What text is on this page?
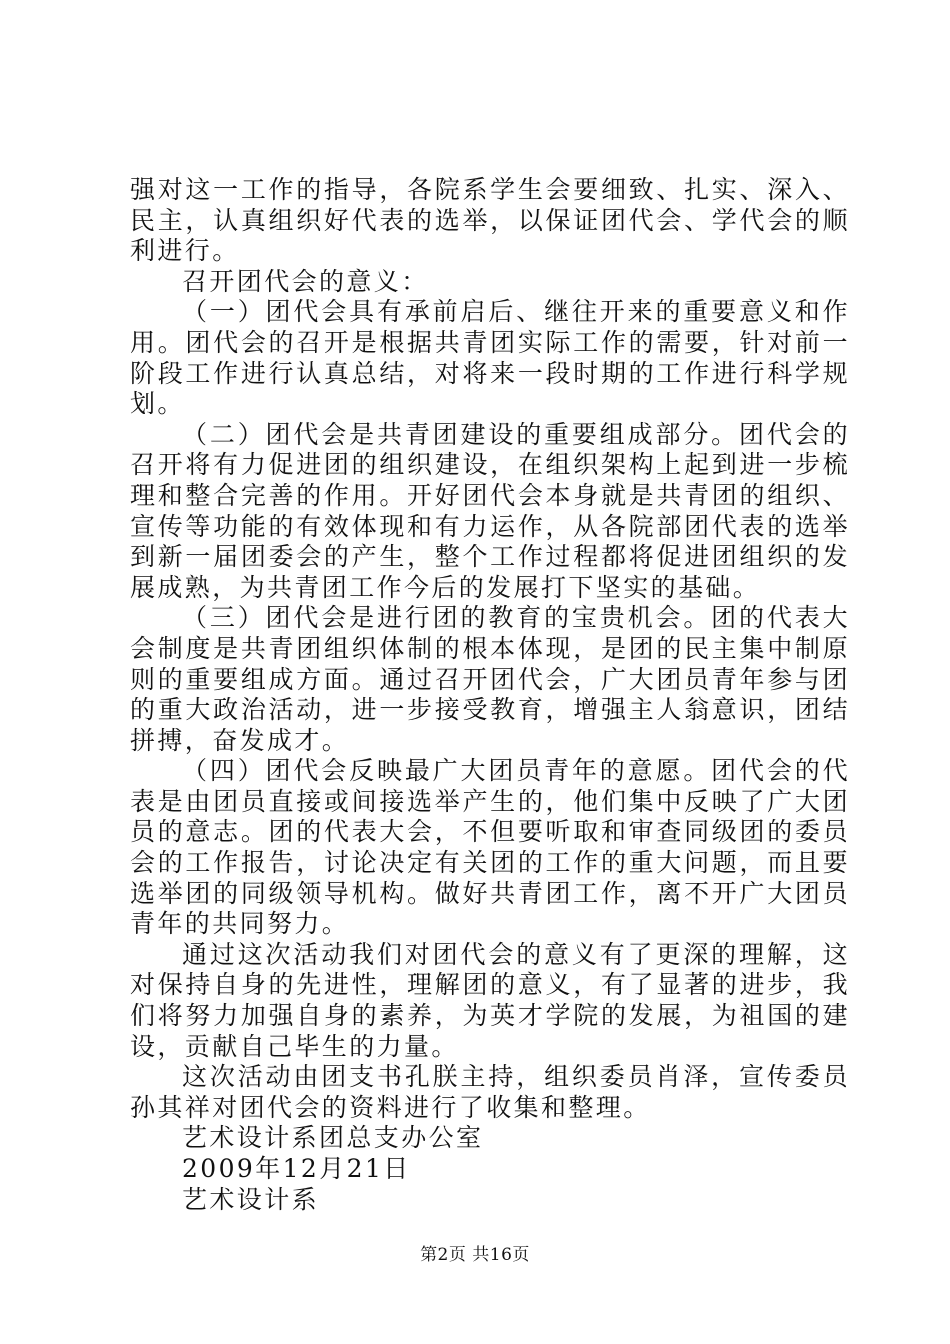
强对这一工作的指导，各院系学生会要细致、扎实、深入、民主，认真组织好代表的选举，以保证团代会、学代会的顺利进行。

召开团代会的意义：

（一）团代会具有承前启后、继往开来的重要意义和作用。团代会的召开是根据共青团实际工作的需要，针对前一阶段工作进行认真总结，对将来一段时期的工作进行科学规划。

（二）团代会是共青团建设的重要组成部分。团代会的召开将有力促进团的组织建设，在组织架构上起到进一步梳理和整合完善的作用。开好团代会本身就是共青团的组织、宣传等功能的有效体现和有力运作，从各院部团代表的选举到新一届团委会的产生，整个工作过程都将促进团组织的发展成熟，为共青团工作今后的发展打下坚实的基础。

（三）团代会是进行团的教育的宝贵机会。团的代表大会制度是共青团组织体制的根本体现，是团的民主集中制原则的重要组成方面。通过召开团代会，广大团员青年参与团的重大政治活动，进一步接受教育，增强主人翁意识，团结拼搏，奋发成才。

（四）团代会反映最广大团员青年的意愿。团代会的代表是由团员直接或间接选举产生的，他们集中反映了广大团员的意志。团的代表大会，不但要听取和审查同级团的委员会的工作报告，讨论决定有关团的工作的重大问题，而且要选举团的同级领导机构。做好共青团工作，离不开广大团员青年的共同努力。

通过这次活动我们对团代会的意义有了更深的理解，这对保持自身的先进性，理解团的意义，有了显著的进步，我们将努力加强自身的素养，为英才学院的发展，为祖国的建设，贡献自己毕生的力量。

这次活动由团支书孔朕主持，组织委员肖泽，宣传委员孙其祥对团代会的资料进行了收集和整理。

艺术设计系团总支办公室

2009年12月21日

艺术设计系

第2页 共16页
